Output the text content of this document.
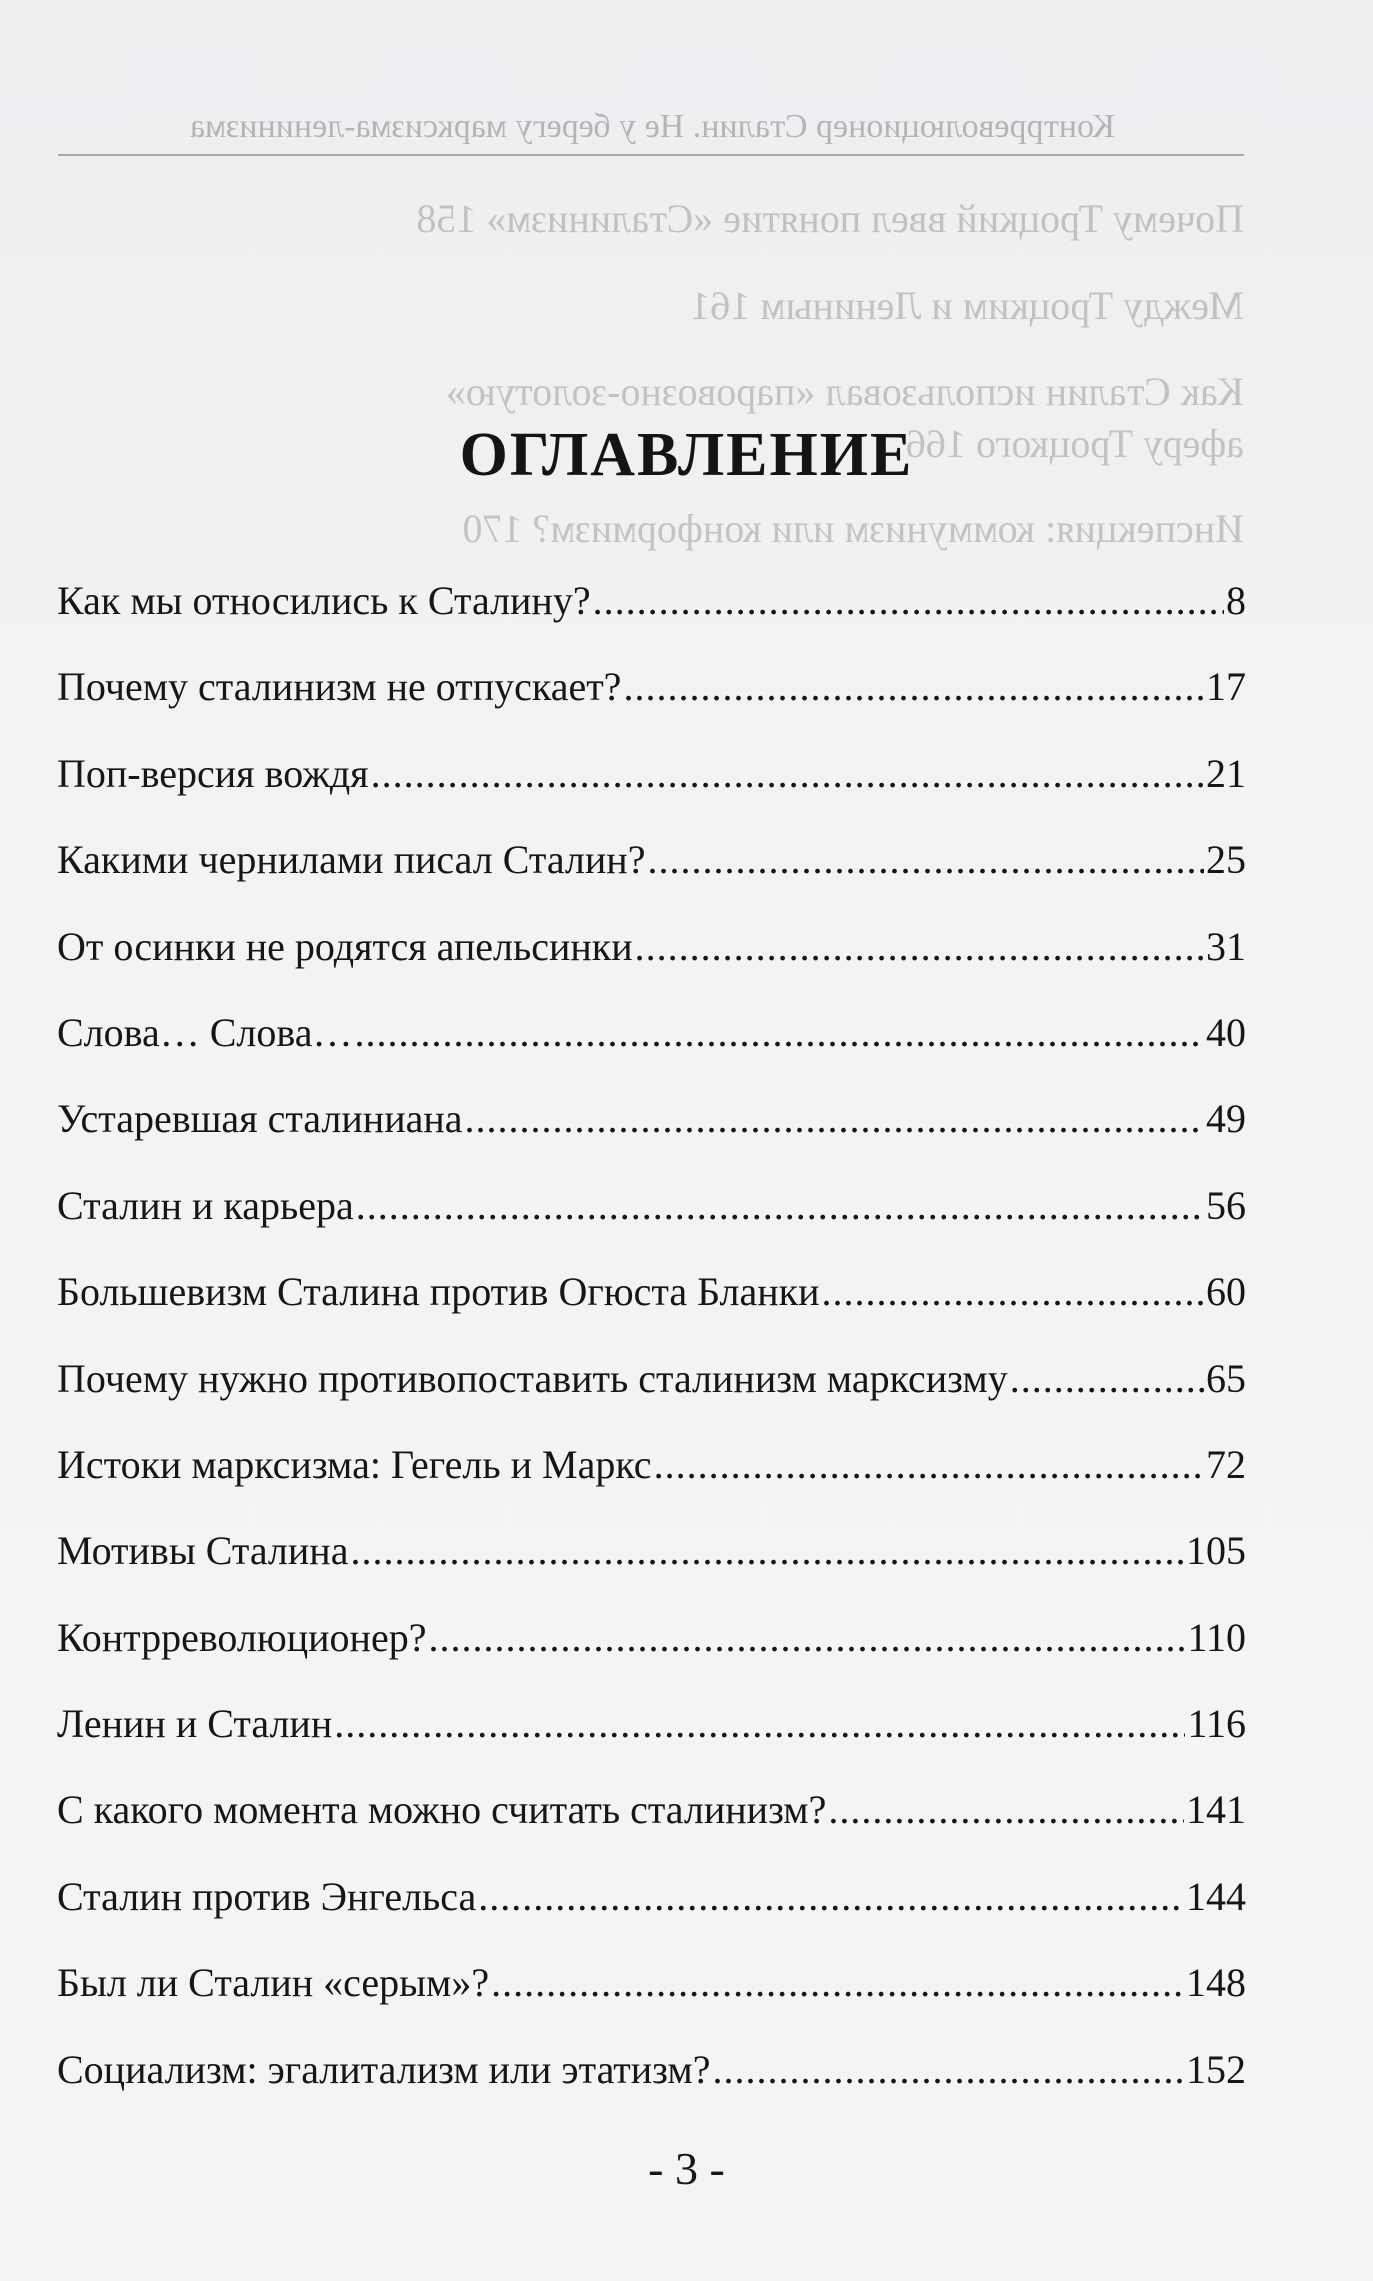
Контрреволюционер Сталин. Не у берегу марксизма-ленинизма
Почему Троцкий ввел понятие «Сталинизм» 158
Между Троцким и Лениным 161
Как Сталин использовал «паровозно-золотую»
аферу Троцкого 166
Инспекция: коммунизм или конформизм? 170
ОГЛАВЛЕНИЕ
Как мы относились к Сталину? .....	8
Почему сталинизм не отпускает? .....	17
Поп-версия вождя .....	21
Какими чернилами писал Сталин? .....	25
От осинки не родятся апельсинки .....	31
Слова… Слова… .....	40
Устаревшая сталиниана .....	49
Сталин и карьера .....	56
Большевизм Сталина против Огюста Бланки .....	60
Почему нужно противопоставить сталинизм марксизму .....	65
Истоки марксизма: Гегель и Маркс .....	72
Мотивы Сталина .....	105
Контрреволюционер? .....	110
Ленин и Сталин .....	116
С какого момента можно считать сталинизм? .....	141
Сталин против Энгельса .....	144
Был ли Сталин «серым»? .....	148
Социализм: эгалитализм или этатизм? .....	152
- 3 -
